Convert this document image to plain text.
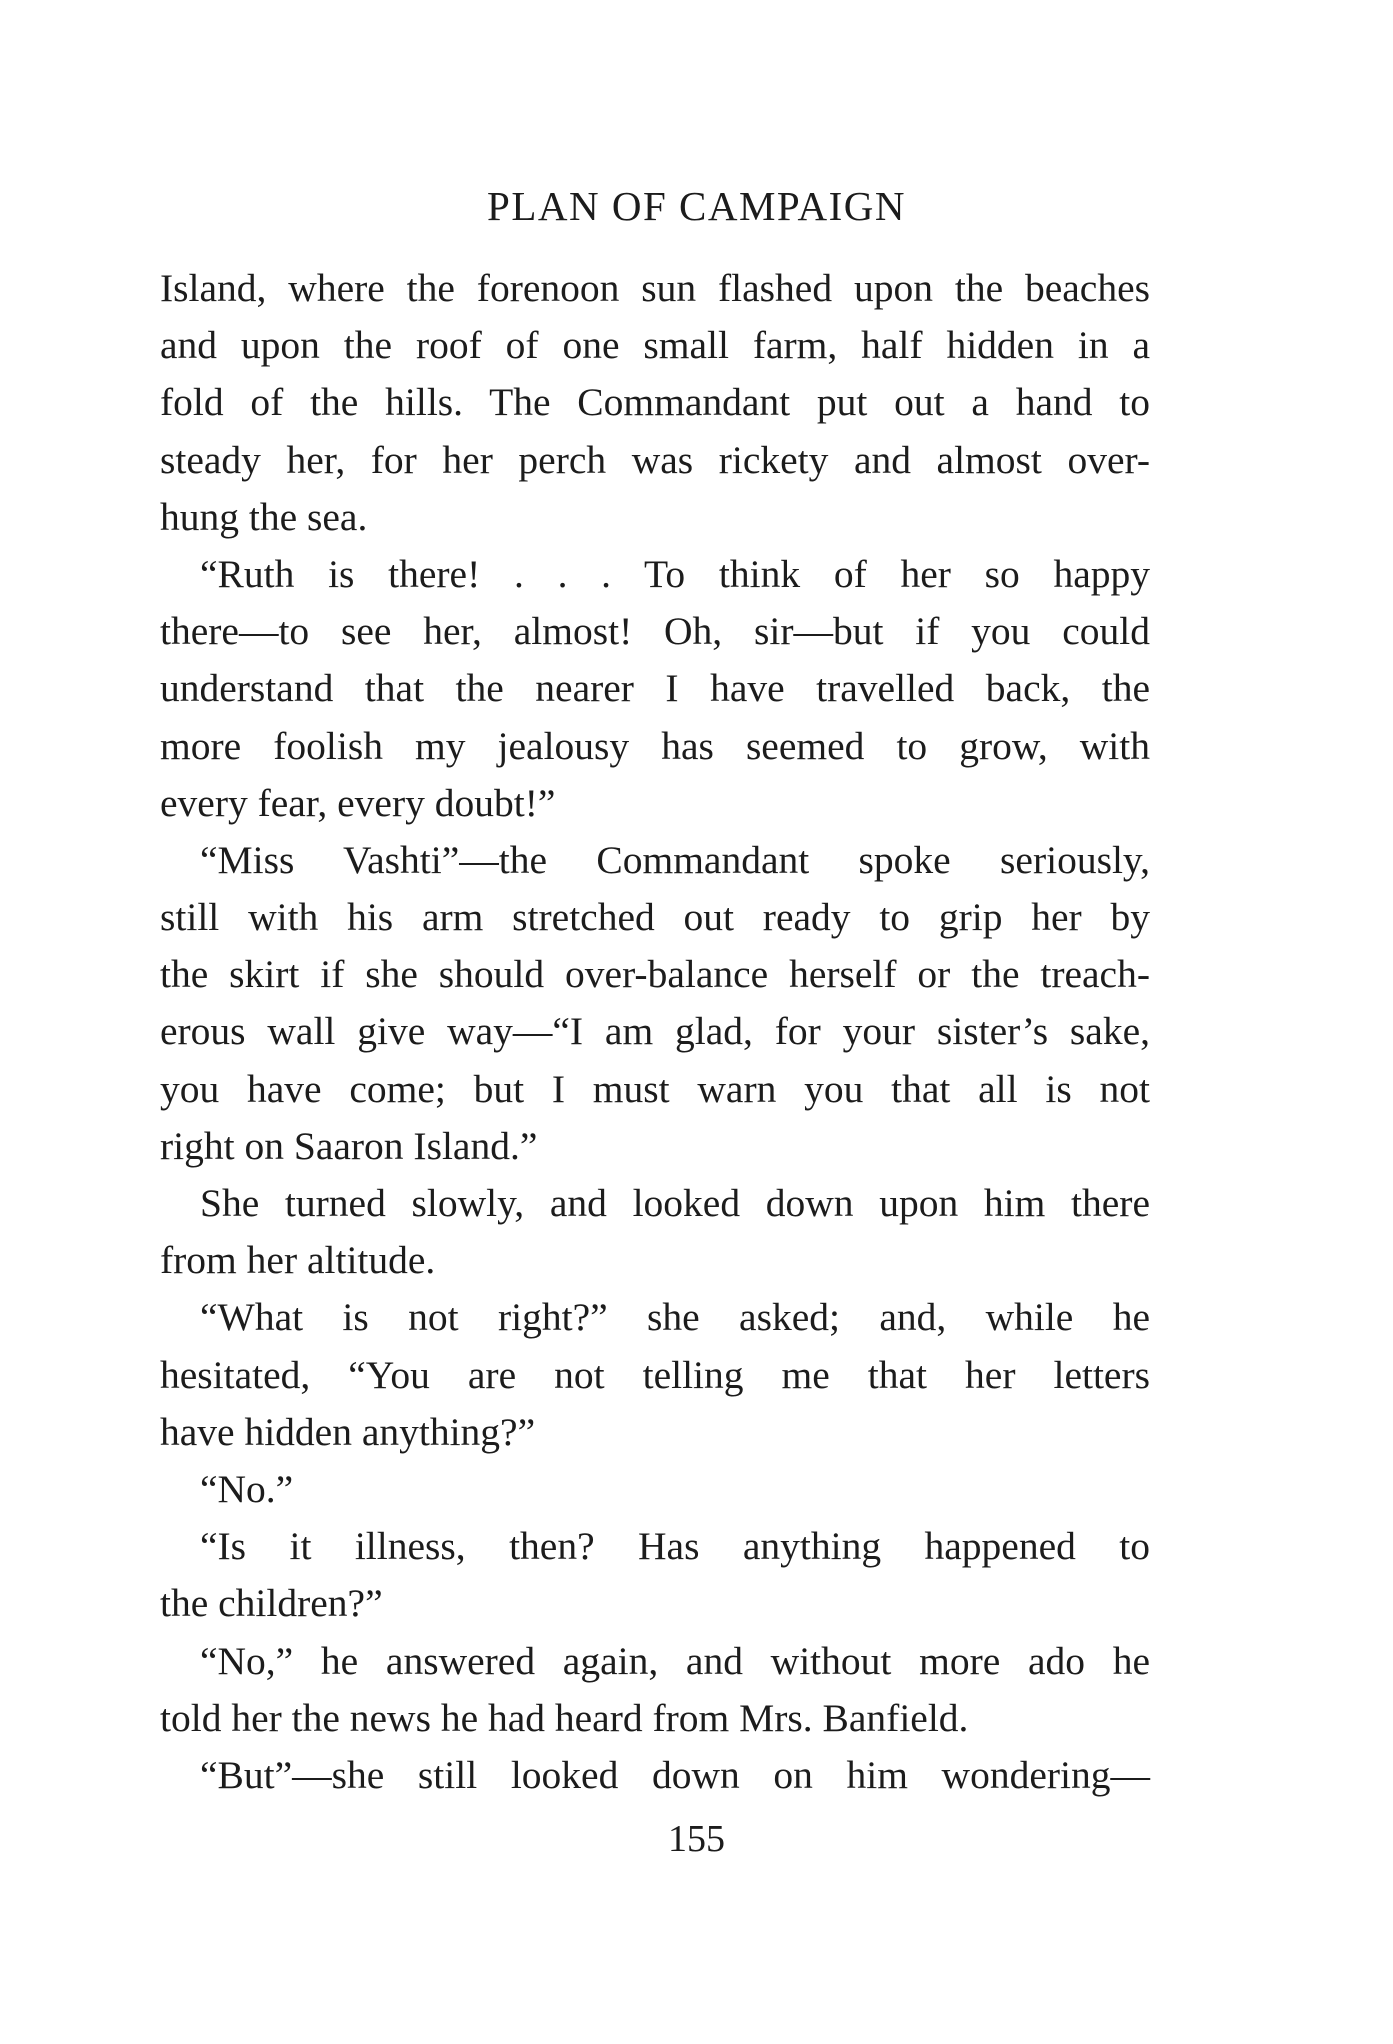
PLAN OF CAMPAIGN
Island, where the forenoon sun flashed upon the beaches
and upon the roof of one small farm, half hidden in a
fold of the hills. The Commandant put out a hand to
steady her, for her perch was rickety and almost over-
hung the sea.
“Ruth is there! . . . To think of her so happy
there—to see her, almost! Oh, sir—but if you could
understand that the nearer I have travelled back, the
more foolish my jealousy has seemed to grow, with
every fear, every doubt!”
“Miss Vashti”—the Commandant spoke seriously,
still with his arm stretched out ready to grip her by
the skirt if she should over-balance herself or the treach-
erous wall give way—“I am glad, for your sister’s sake,
you have come; but I must warn you that all is not
right on Saaron Island.”
She turned slowly, and looked down upon him there
from her altitude.
“What is not right?” she asked; and, while he
hesitated, “You are not telling me that her letters
have hidden anything?”
“No.”
“Is it illness, then? Has anything happened to
the children?”
“No,” he answered again, and without more ado he
told her the news he had heard from Mrs. Banfield.
“But”—she still looked down on him wondering—
155
